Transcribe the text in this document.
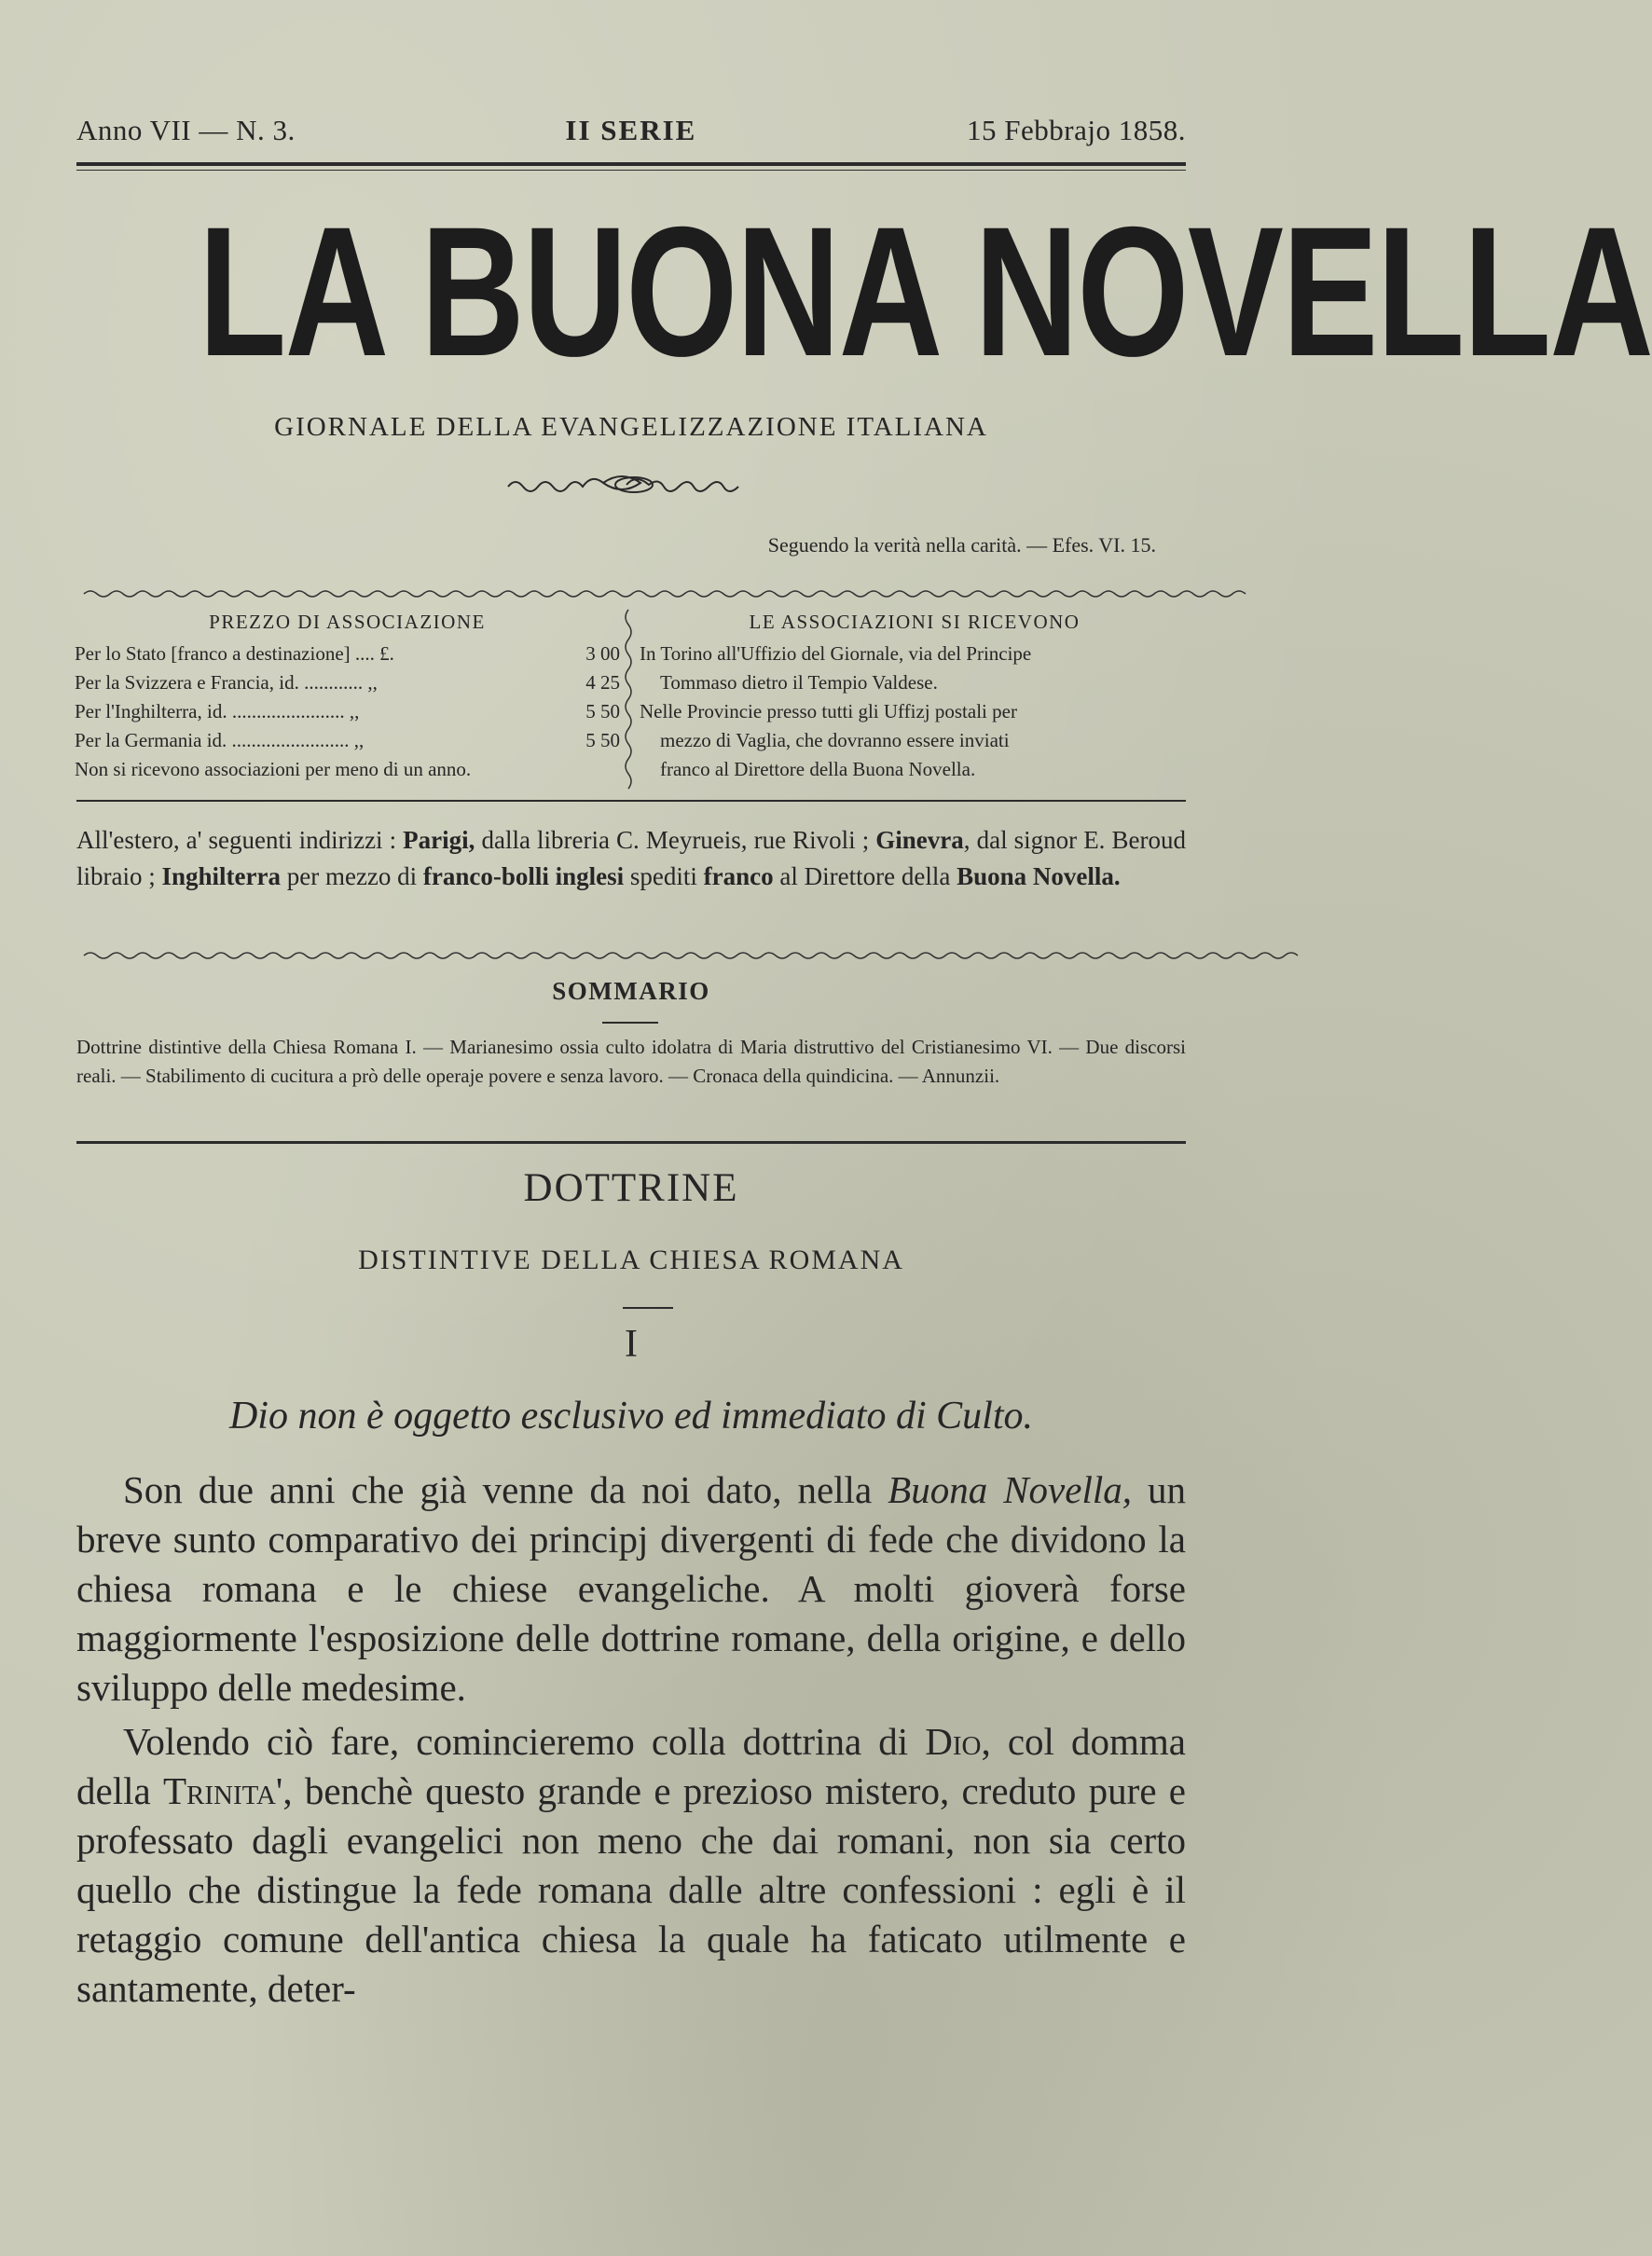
Anno VII — N. 3.	II SERIE	15 Febbrajo 1858.
LA BUONA NOVELLA
GIORNALE DELLA EVANGELIZZAZIONE ITALIANA
Seguendo la verità nella carità. — Efes. VI. 15.
PREZZO DI ASSOCIAZIONE
Per lo Stato [franco a destinazione] .... £.	3 00
Per la Svizzera e Francia, id. ............ ,,	4 25
Per l'Inghilterra, id. ....................... ,,	5 50
Per la Germania id. ........................ ,,	5 50
Non si ricevono associazioni per meno di un anno.
LE ASSOCIAZIONI SI RICEVONO
In Torino all'Uffizio del Giornale, via del Principe
Tommaso dietro il Tempio Valdese.
Nelle Provincie presso tutti gli Uffizj postali per
mezzo di Vaglia, che dovranno essere inviati
franco al Direttore della Buona Novella.
All'estero, a' seguenti indirizzi : Parigi, dalla libreria C. Meyrueis, rue Rivoli ; Ginevra, dal signor E. Beroud libraio ; Inghilterra per mezzo di franco-bolli inglesi spediti franco al Direttore della Buona Novella.
SOMMARIO
Dottrine distintive della Chiesa Romana I. — Marianesimo ossia culto idolatra di Maria distruttivo del Cristianesimo VI. — Due discorsi reali. — Stabilimento di cucitura a prò delle operaje povere e senza lavoro. — Cronaca della quindicina. — Annunzii.
DOTTRINE
DISTINTIVE DELLA CHIESA ROMANA
I
Dio non è oggetto esclusivo ed immediato di Culto.

Son due anni che già venne da noi dato, nella Buona Novella, un breve sunto comparativo dei principj divergenti di fede che dividono la chiesa romana e le chiese evangeliche. A molti gioverà forse maggiormente l'esposizione delle dottrine romane, della origine, e dello sviluppo delle medesime.

Volendo ciò fare, comincieremo colla dottrina di Dio, col domma della Trinita', benchè questo grande e prezioso mistero, creduto pure e professato dagli evangelici non meno che dai romani, non sia certo quello che distingue la fede romana dalle altre confessioni : egli è il retaggio comune dell'antica chiesa la quale ha faticato utilmente e santamente, deter-
